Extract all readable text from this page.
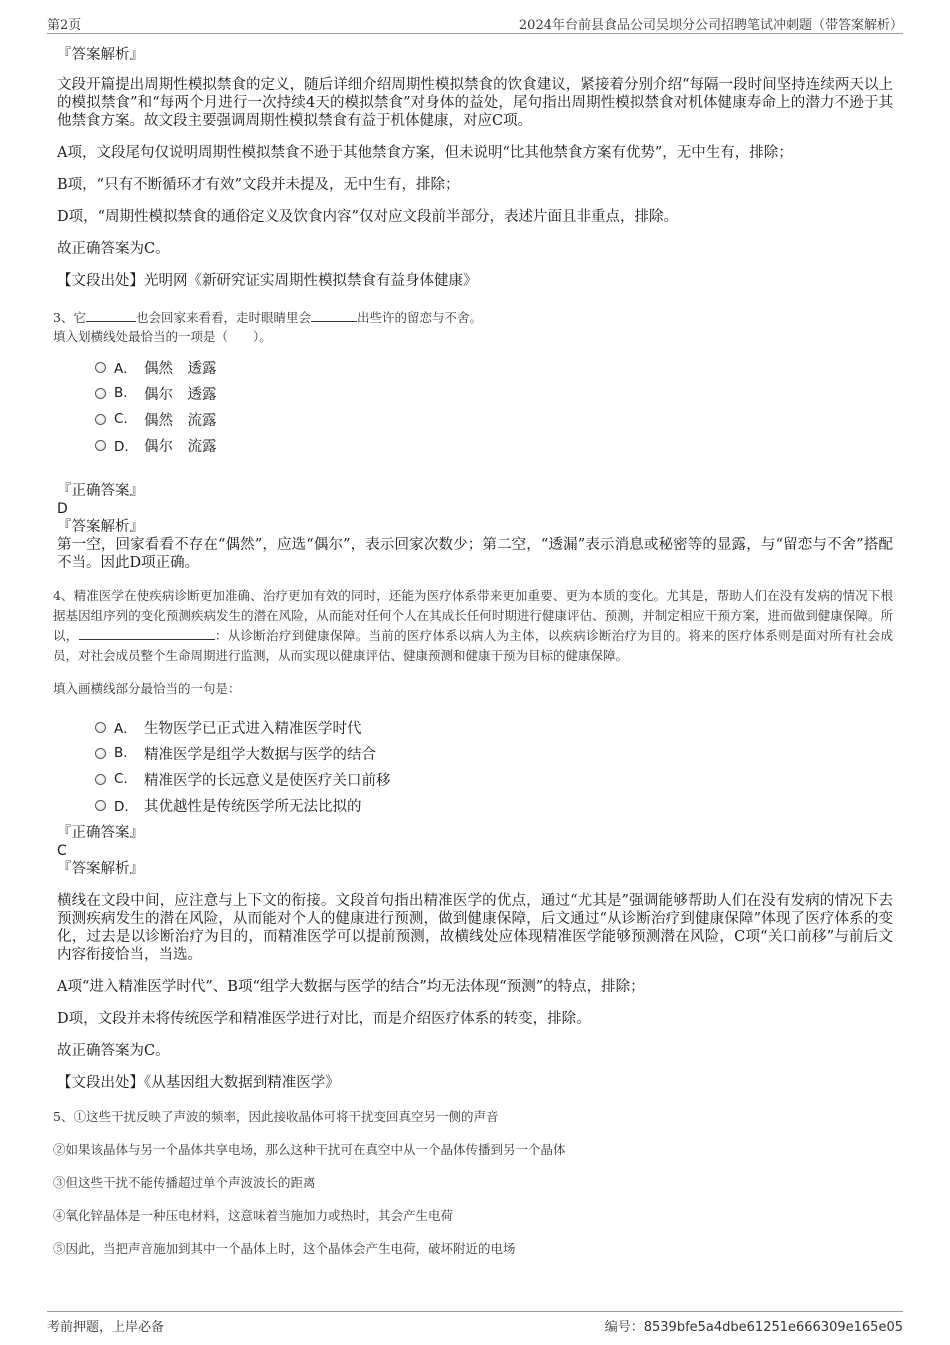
第2页	2024年台前县食品公司吴坝分公司招聘笔试冲刺题（带答案解析）
『答案解析』
文段开篇提出周期性模拟禁食的定义，随后详细介绍周期性模拟禁食的饮食建议，紧接着分别介绍“每隔一段时间坚持连续两天以上的模拟禁食”和“每两个月进行一次持续4天的模拟禁食”对身体的益处，尾句指出周期性模拟禁食对机体健康寿命上的潜力不逊于其他禁食方案。故文段主要强调周期性模拟禁食有益于机体健康，对应C项。
A项，文段尾句仅说明周期性模拟禁食不逊于其他禁食方案，但未说明“比其他禁食方案有优势”，无中生有，排除；
B项，“只有不断循环才有效”文段并未提及，无中生有，排除；
D项，“周期性模拟禁食的通俗定义及饮食内容”仅对应文段前半部分，表述片面且非重点，排除。
故正确答案为C。
【文段出处】光明网《新研究证实周期性模拟禁食有益身体健康》
3、它	也会回家来看看，走时眼睛里会	出些许的留恋与不舍。
填入划横线处最恰当的一项是（　　）。
A． 偶然　透露
B.	偶尔　透露
C.	偶然　流露
D． 偶尔　流露
『正确答案』
D
『答案解析』
第一空，回家看看不存在“偶然”，应选“偶尔”，表示回家次数少；第二空，“透漏”表示消息或秘密等的显露，与“留恋与不舍”搭配不当。因此D项正确。
4、精准医学在使疾病诊断更加准确、治疗更加有效的同时，还能为医疗体系带来更加重要、更为本质的变化。尤其是，帮助人们在没有发病的情况下根据基因组序列的变化预测疾病发生的潜在风险，从而能对任何个人在其成长任何时期进行健康评估、预测，并制定相应干预方案，进而做到健康保障。所以，	：从诊断治疗到健康保障。当前的医疗体系以病人为主体，以疾病诊断治疗为目的。将来的医疗体系则是面对所有社会成员，对社会成员整个生命周期进行监测，从而实现以健康评估、健康预测和健康干预为目标的健康保障。
填入画横线部分最恰当的一句是：
A． 生物医学已正式进入精准医学时代
B.	精准医学是组学大数据与医学的结合
C.	精准医学的长远意义是使医疗关口前移
D． 其优越性是传统医学所无法比拟的
『正确答案』
C
『答案解析』
横线在文段中间，应注意与上下文的衔接。文段首句指出精准医学的优点，通过“尤其是”强调能够帮助人们在没有发病的情况下去预测疾病发生的潜在风险，从而能对个人的健康进行预测，做到健康保障，后文通过“从诊断治疗到健康保障”体现了医疗体系的变化，过去是以诊断治疗为目的，而精准医学可以提前预测，故横线处应体现精准医学能够预测潜在风险，C项“关口前移”与前后文内容衔接恰当，当选。
A项“进入精准医学时代”、B项“组学大数据与医学的结合”均无法体现“预测”的特点，排除；
D项，文段并未将传统医学和精准医学进行对比，而是介绍医疗体系的转变，排除。
故正确答案为C。
【文段出处】《从基因组大数据到精准医学》
5、①这些干扰反映了声波的频率，因此接收晶体可将干扰变回真空另一侧的声音
②如果该晶体与另一个晶体共享电场，那么这种干扰可在真空中从一个晶体传播到另一个晶体
③但这些干扰不能传播超过单个声波波长的距离
④氧化锌晶体是一种压电材料，这意味着当施加力或热时，其会产生电荷
⑤因此，当把声音施加到其中一个晶体上时，这个晶体会产生电荷，破坏附近的电场
考前押题，上岸必备	编号：8539bfe5a4dbe61251e666309e165e05
